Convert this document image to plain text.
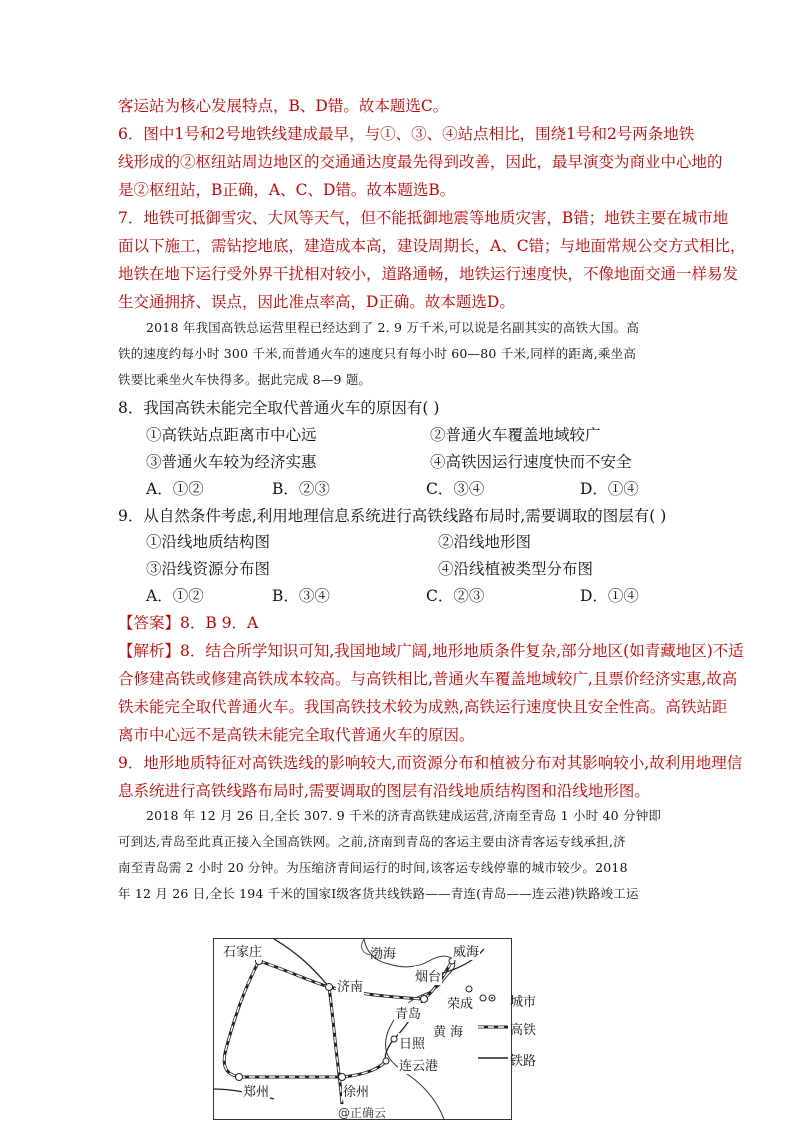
客运站为核心发展特点，B、D错。故本题选C。
6．图中1号和2号地铁线建成最早，与①、③、④站点相比，围绕1号和2号两条地铁
线形成的②枢纽站周边地区的交通通达度最先得到改善，因此，最早演变为商业中心地的
是②枢纽站，B正确，A、C、D错。故本题选B。
7．地铁可抵御雪灾、大风等天气，但不能抵御地震等地质灾害，B错；地铁主要在城市地
面以下施工，需钻挖地底，建造成本高，建设周期长，A、C错；与地面常规公交方式相比，
地铁在地下运行受外界干扰相对较小，道路通畅，地铁运行速度快，不像地面交通一样易发
生交通拥挤、误点，因此准点率高，D正确。故本题选D。
2018 年我国高铁总运营里程已经达到了 2. 9 万千米,可以说是名副其实的高铁大国。高
铁的速度约每小时 300 千米,而普通火车的速度只有每小时 60—80 千米,同样的距离,乘坐高
铁要比乘坐火车快得多。据此完成 8—9 题。
8．我国高铁未能完全取代普通火车的原因有( )
①高铁站点距离市中心远	②普通火车覆盖地域较广
③普通火车较为经济实惠	④高铁因运行速度快而不安全
A．①②	B．②③	C．③④	D．①④
9．从自然条件考虑,利用地理信息系统进行高铁线路布局时,需要调取的图层有( )
①沿线地质结构图	②沿线地形图
③沿线资源分布图	④沿线植被类型分布图
A．①②	B．③④	C．②③	D．①④
【答案】8．B 9．A
【解析】8．结合所学知识可知,我国地域广阔,地形地质条件复杂,部分地区(如青藏地区)不适
合修建高铁或修建高铁成本较高。与高铁相比,普通火车覆盖地域较广,且票价经济实惠,故高
铁未能完全取代普通火车。我国高铁技术较为成熟,高铁运行速度快且安全性高。高铁站距
离市中心远不是高铁未能完全取代普通火车的原因。
9．地形地质特征对高铁选线的影响较大,而资源分布和植被分布对其影响较小,故利用地理信
息系统进行高铁线路布局时,需要调取的图层有沿线地质结构图和沿线地形图。
2018 年 12 月 26 日,全长 307. 9 千米的济青高铁建成运营,济南至青岛 1 小时 40 分钟即
可到达,青岛至此真正接入全国高铁网。之前,济南到青岛的客运主要由济青客运专线承担,济
南至青岛需 2 小时 20 分钟。为压缩济青间运行的时间,该客运专线停靠的城市较少。2018
年 12 月 26 日,全长 194 千米的国家Ⅰ级客货共线铁路——青连(青岛——连云港)铁路竣工运
石家庄
济南
渤海	威海
烟台
荣成
青岛
黄 海
日照
连云港
郑州	徐州
城市
高铁
铁路
@正确云
